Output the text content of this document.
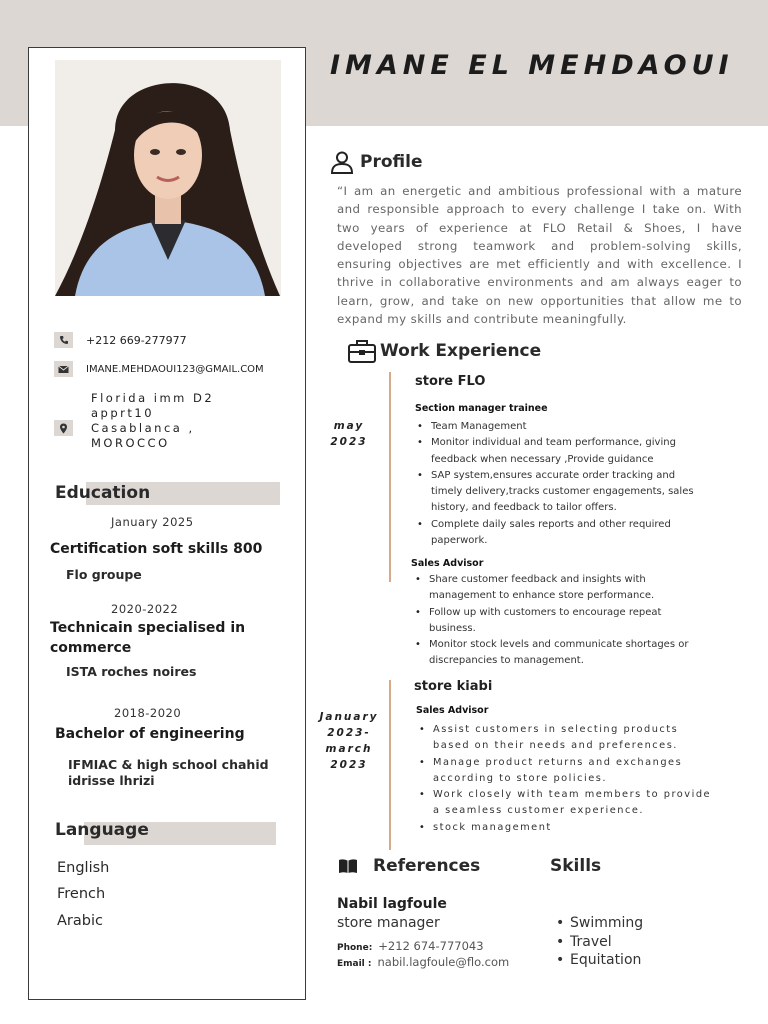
IMANE EL MEHDAOUI
+212 669-277977
IMANE.MEHDAOUI123@GMAIL.COM
Florida imm D2
apprt10
Casablanca ,
MOROCCO
Education
January 2025
Certification soft skills 800
Flo groupe
2020-2022
Technicain specialised in commerce
ISTA roches noires
2018-2020
Bachelor of engineering
IFMIAC & high school chahid idrisse lhrizi
Language
English
French
Arabic
Profile
“I am an energetic and ambitious professional with a mature and responsible approach to every challenge I take on. With two years of experience at FLO Retail & Shoes, I have developed strong teamwork and problem-solving skills, ensuring objectives are met efficiently and with excellence. I thrive in collaborative environments and am always eager to learn, grow, and take on new opportunities that allow me to expand my skills and contribute meaningfully.
Work Experience
may
2023
store FLO
Section manager trainee
• Team Management
• Monitor individual and team performance, giving feedback when necessary ,Provide guidance
• SAP system,ensures accurate order tracking and timely delivery,tracks customer engagements, sales history, and feedback to tailor offers.
• Complete daily sales reports and other required paperwork.
Sales Advisor
• Share customer feedback and insights with management to enhance store performance.
• Follow up with customers to encourage repeat business.
• Monitor stock levels and communicate shortages or discrepancies to management.
January
2023-
march
2023
store kiabi
Sales Advisor
• Assist customers in selecting products based on their needs and preferences.
• Manage product returns and exchanges according to store policies.
• Work closely with team members to provide a seamless customer experience.
• stock management
References
Nabil lagfoule
store manager
Phone: +212 674-777043
Email : nabil.lagfoule@flo.com
Skills
• Swimming
• Travel
• Equitation
